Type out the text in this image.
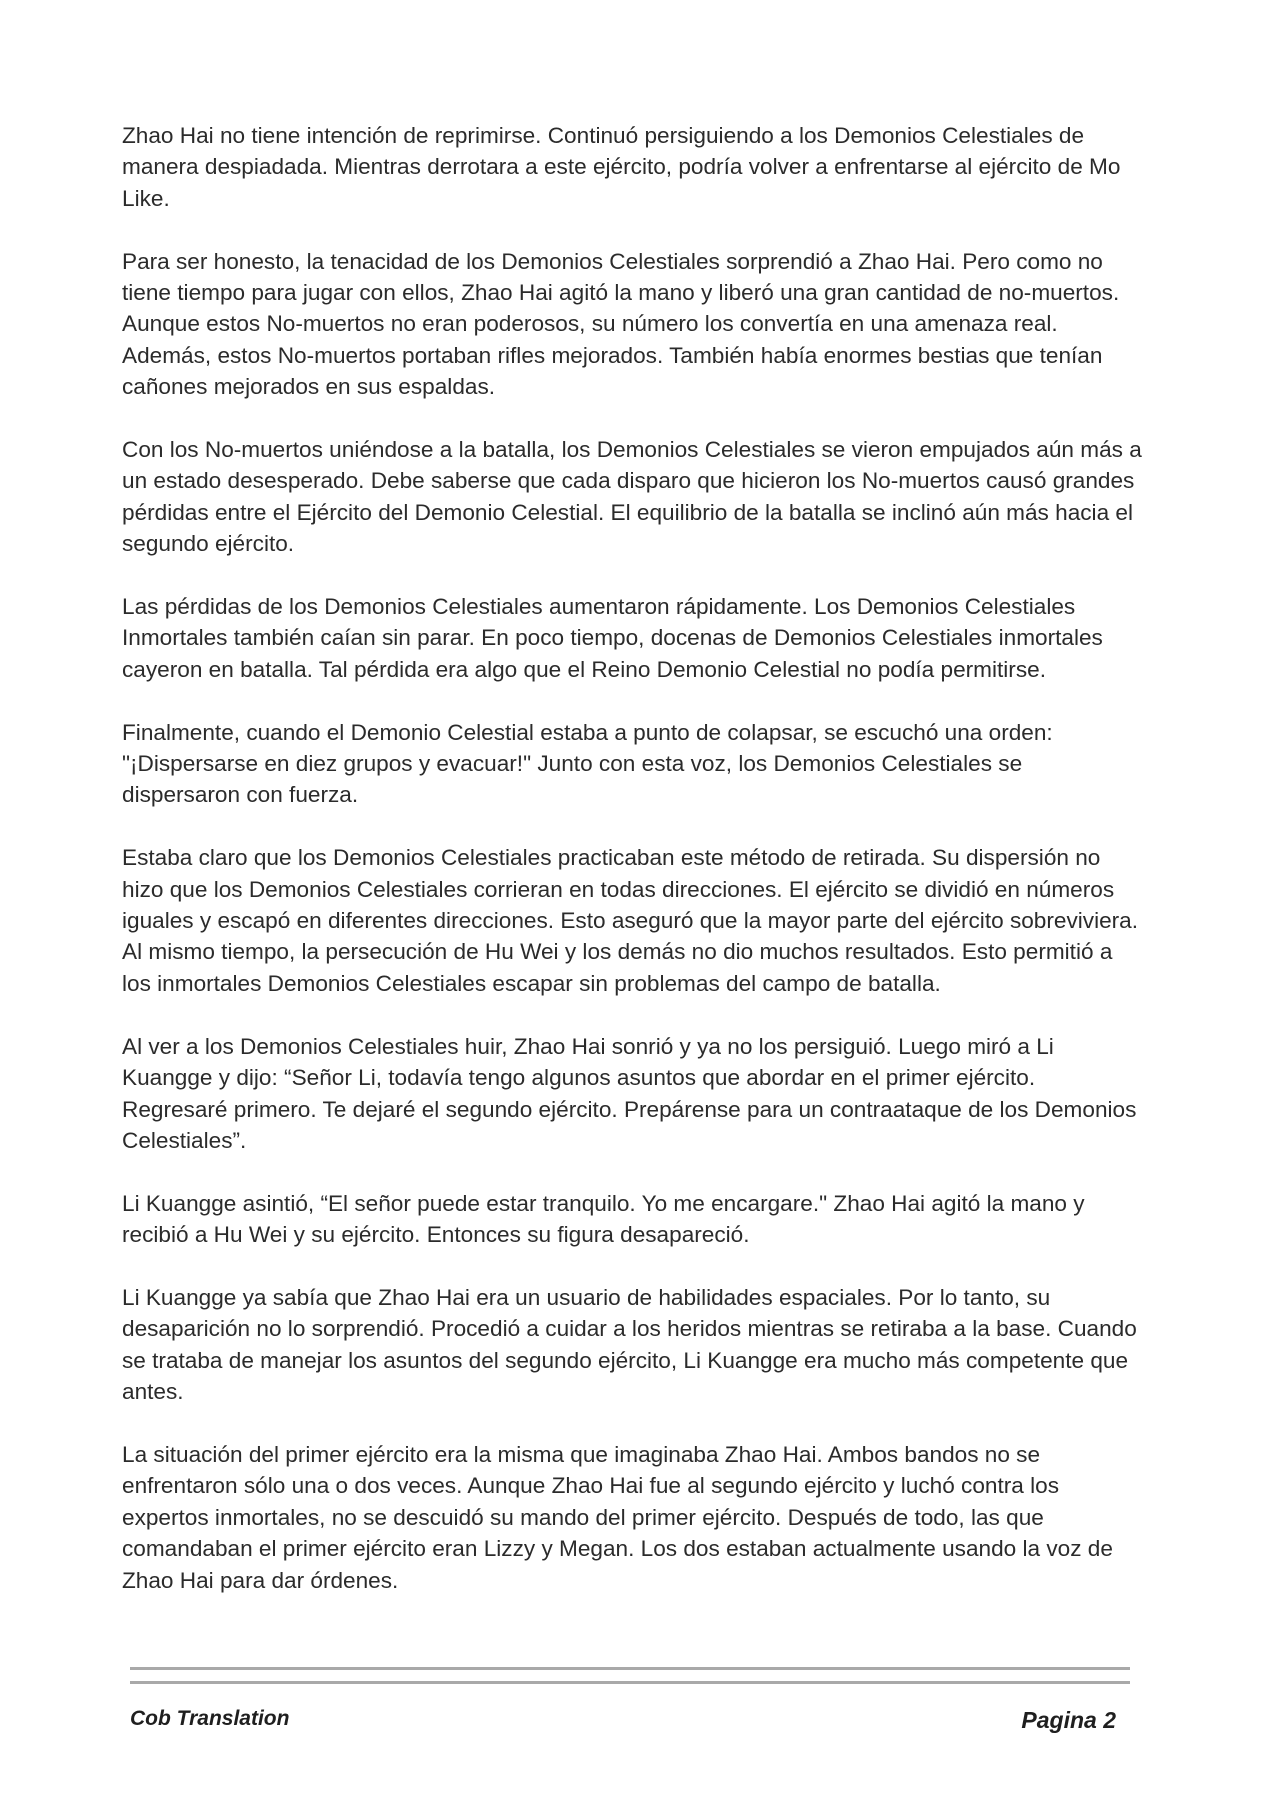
Zhao Hai no tiene intención de reprimirse. Continuó persiguiendo a los Demonios Celestiales de manera despiadada. Mientras derrotara a este ejército, podría volver a enfrentarse al ejército de Mo Like.

Para ser honesto, la tenacidad de los Demonios Celestiales sorprendió a Zhao Hai. Pero como no tiene tiempo para jugar con ellos, Zhao Hai agitó la mano y liberó una gran cantidad de no-muertos. Aunque estos No-muertos no eran poderosos, su número los convertía en una amenaza real. Además, estos No-muertos portaban rifles mejorados. También había enormes bestias que tenían cañones mejorados en sus espaldas.

Con los No-muertos uniéndose a la batalla, los Demonios Celestiales se vieron empujados aún más a un estado desesperado. Debe saberse que cada disparo que hicieron los No-muertos causó grandes pérdidas entre el Ejército del Demonio Celestial. El equilibrio de la batalla se inclinó aún más hacia el segundo ejército.

Las pérdidas de los Demonios Celestiales aumentaron rápidamente. Los Demonios Celestiales Inmortales también caían sin parar. En poco tiempo, docenas de Demonios Celestiales inmortales cayeron en batalla. Tal pérdida era algo que el Reino Demonio Celestial no podía permitirse.

Finalmente, cuando el Demonio Celestial estaba a punto de colapsar, se escuchó una orden: "¡Dispersarse en diez grupos y evacuar!" Junto con esta voz, los Demonios Celestiales se dispersaron con fuerza.

Estaba claro que los Demonios Celestiales practicaban este método de retirada. Su dispersión no hizo que los Demonios Celestiales corrieran en todas direcciones. El ejército se dividió en números iguales y escapó en diferentes direcciones. Esto aseguró que la mayor parte del ejército sobreviviera. Al mismo tiempo, la persecución de Hu Wei y los demás no dio muchos resultados. Esto permitió a los inmortales Demonios Celestiales escapar sin problemas del campo de batalla.

Al ver a los Demonios Celestiales huir, Zhao Hai sonrió y ya no los persiguió. Luego miró a Li Kuangge y dijo: “Señor Li, todavía tengo algunos asuntos que abordar en el primer ejército. Regresaré primero. Te dejaré el segundo ejército. Prepárense para un contraataque de los Demonios Celestiales”.

Li Kuangge asintió, “El señor puede estar tranquilo. Yo me encargare." Zhao Hai agitó la mano y recibió a Hu Wei y su ejército. Entonces su figura desapareció.

Li Kuangge ya sabía que Zhao Hai era un usuario de habilidades espaciales. Por lo tanto, su desaparición no lo sorprendió. Procedió a cuidar a los heridos mientras se retiraba a la base. Cuando se trataba de manejar los asuntos del segundo ejército, Li Kuangge era mucho más competente que antes.

La situación del primer ejército era la misma que imaginaba Zhao Hai. Ambos bandos no se enfrentaron sólo una o dos veces. Aunque Zhao Hai fue al segundo ejército y luchó contra los expertos inmortales, no se descuidó su mando del primer ejército. Después de todo, las que comandaban el primer ejército eran Lizzy y Megan. Los dos estaban actualmente usando la voz de Zhao Hai para dar órdenes.

Cob Translation	Pagina 2
